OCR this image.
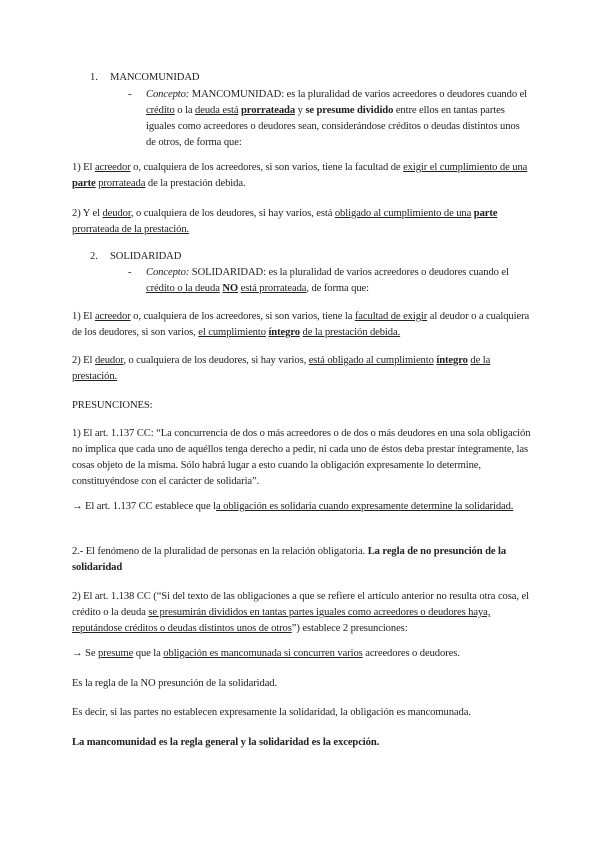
1. MANCOMUNIDAD
-	Concepto: MANCOMUNIDAD: es la pluralidad de varios acreedores o deudores cuando el crédito o la deuda está prorrateada y se presume dividido entre ellos en tantas partes iguales como acreedores o deudores sean, considerándose créditos o deudas distintos unos de otros, de forma que:

1) El acreedor o, cualquiera de los acreedores, si son varios, tiene la facultad de exigir el cumplimiento de una parte prorrateada de la prestación debida.

2) Y el deudor, o cualquiera de los deudores, si hay varios, está obligado al cumplimiento de una parte prorrateada de la prestación.

2. SOLIDARIDAD
-	Concepto: SOLIDARIDAD: es la pluralidad de varios acreedores o deudores cuando el crédito o la deuda NO está prorrateada, de forma que:

1) El acreedor o, cualquiera de los acreedores, si son varios, tiene la facultad de exigir al deudor o a cualquiera de los deudores, si son varios, el cumplimiento íntegro de la prestación debida.

2) El deudor, o cualquiera de los deudores, si hay varios, está obligado al cumplimiento íntegro de la prestación.

PRESUNCIONES:

1) El art. 1.137 CC: “La concurrencia de dos o más acreedores o de dos o más deudores en una sola obligación no implica que cada uno de aquéllos tenga derecho a pedir, ni cada uno de éstos deba prestar íntegramente, las cosas objeto de la misma. Sólo habrá lugar a esto cuando la obligación expresamente lo determine, constituyéndose con el carácter de solidaria”.

→ El art. 1.137 CC establece que la obligación es solidaria cuando expresamente determine la solidaridad.

2.- El fenómeno de la pluralidad de personas en la relación obligatoria. La regla de no presunción de la solidaridad

2) El art. 1.138 CC (“Si del texto de las obligaciones a que se refiere el artículo anterior no resulta otra cosa, el crédito o la deuda se presumirán divididos en tantas partes iguales como acreedores o deudores haya, reputándose créditos o deudas distintos unos de otros”) establece 2 presunciones:

→ Se presume que la obligación es mancomunada si concurren varios acreedores o deudores.

Es la regla de la NO presunción de la solidaridad.

Es decir, si las partes no establecen expresamente la solidaridad, la obligación es mancomunada.

La mancomunidad es la regla general y la solidaridad es la excepción.
